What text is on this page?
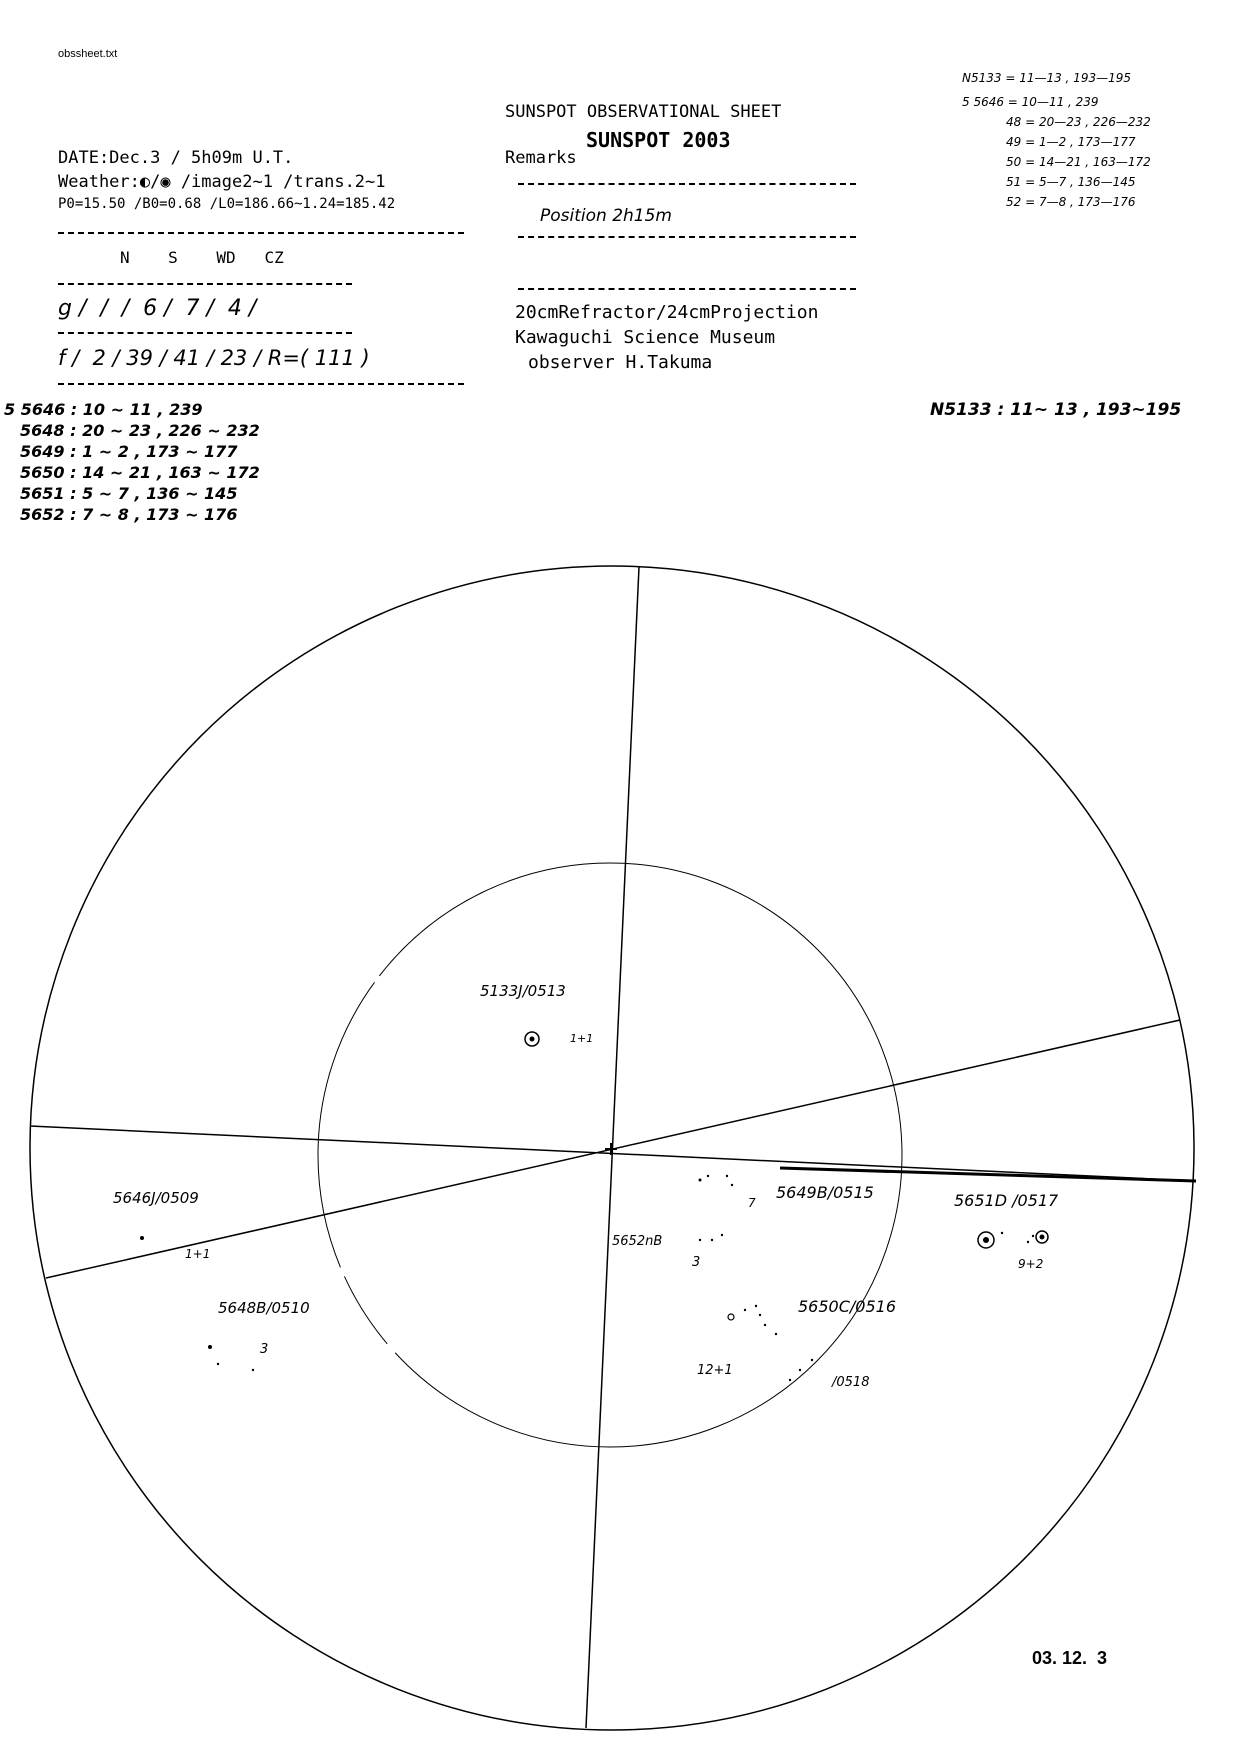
obssheet.txt
SUNSPOT OBSERVATIONAL SHEET
SUNSPOT 2003
DATE:Dec.3 / 5h09m U.T.
Weather:◐/◉ /image2~1 /trans.2~1
P0=15.50 /B0=0.68 /L0=186.66~1.24=185.42
N    S    WD   CZ
g /  /  /  6 /  7 /  4 /
f /  2 / 39 / 41 / 23 / R=( 111 )
Remarks
Position 2h15m
20cmRefractor/24cmProjection
Kawaguchi Science Museum
observer H.Takuma
N5133 = 11—13 , 193—195
5 5646 = 10—11 , 239
48 = 20—23 , 226—232
49 = 1—2 , 173—177
50 = 14—21 , 163—172
51 = 5—7 , 136—145
52 = 7—8 , 173—176
5 5646 : 10 ~ 11 , 239
5648 : 20 ~ 23 , 226 ~ 232
5649 : 1 ~ 2 , 173 ~ 177
5650 : 14 ~ 21 , 163 ~ 172
5651 : 5 ~ 7 , 136 ~ 145
5652 : 7 ~ 8 , 173 ~ 176
N5133 : 11~ 13 , 193~195
5133J/0513
1+1
5646J/0509
1+1
5648B/0510
3
5649B/0515
7
5652nB
3
5651D /0517
9+2
5650C/0516
12+1
/0518
03. 12.  3
